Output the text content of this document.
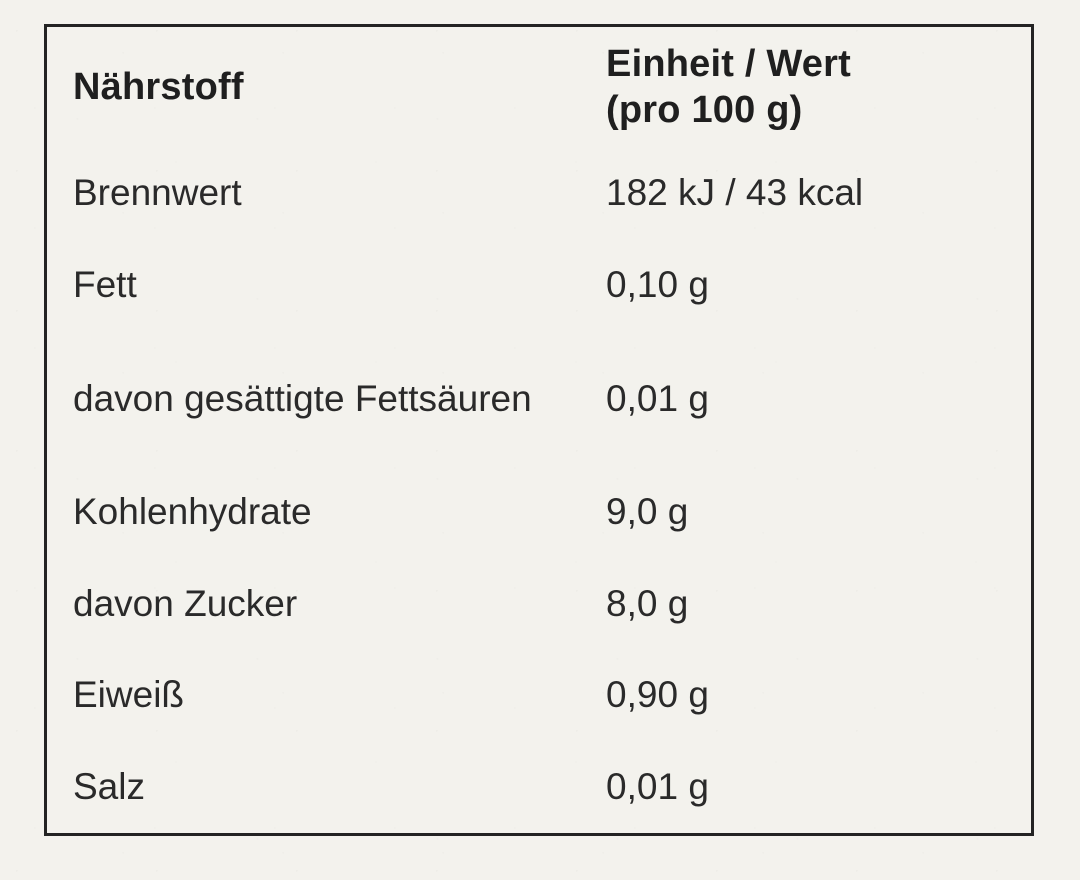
Nährstoff	Einheit / Wert
(pro 100 g)

Brennwert	182 kJ / 43 kcal
Fett	0,10 g
davon gesättigte Fettsäuren	0,01 g
Kohlenhydrate	9,0 g
davon Zucker	8,0 g
Eiweiß	0,90 g
Salz	0,01 g
